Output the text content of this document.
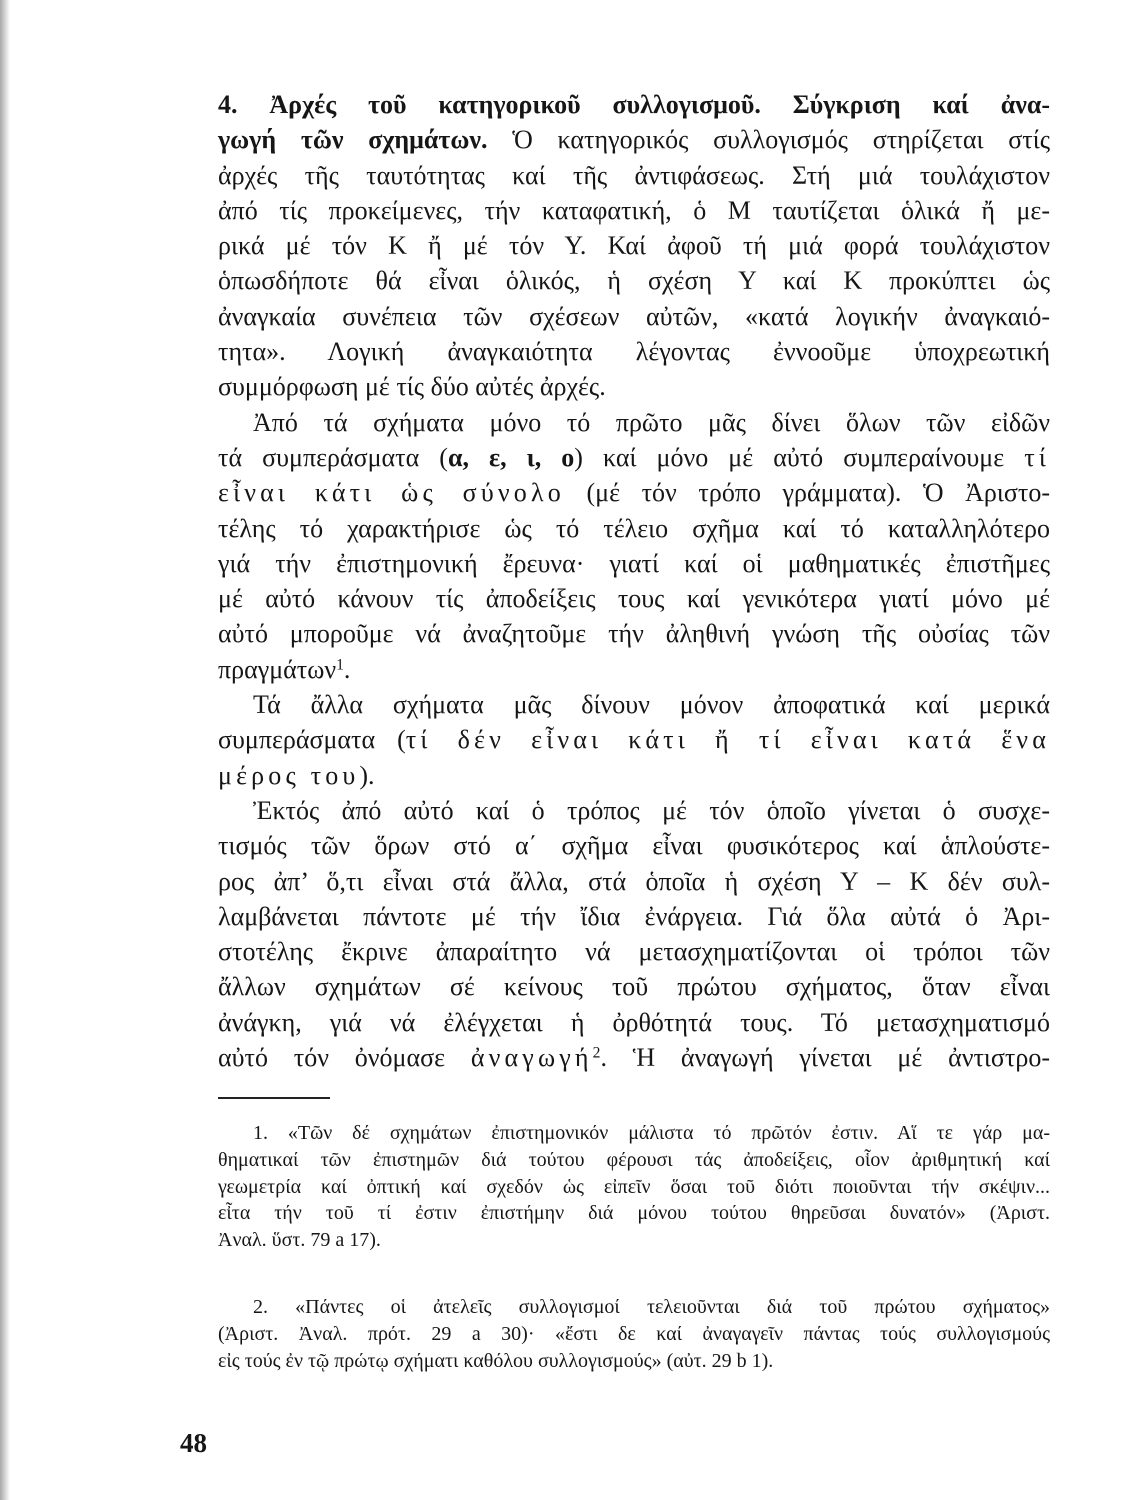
4. Ἀρχές τοῦ κατηγορικοῦ συλλογισμοῦ. Σύγκριση καί ἀνα-
γωγή τῶν σχημάτων. Ὁ κατηγορικός συλλογισμός στηρίζεται στίς
ἀρχές τῆς ταυτότητας καί τῆς ἀντιφάσεως. Στή μιά τουλάχιστον
ἀπό τίς προκείμενες, τήν καταφατική, ὁ Μ ταυτίζεται ὁλικά ἤ με-
ρικά μέ τόν Κ ἤ μέ τόν Υ. Καί ἀφοῦ τή μιά φορά τουλάχιστον
ὁπωσδήποτε θά εἶναι ὁλικός, ἡ σχέση Υ καί Κ προκύπτει ὡς
ἀναγκαία συνέπεια τῶν σχέσεων αὐτῶν, «κατά λογικήν ἀναγκαιό-
τητα». Λογική ἀναγκαιότητα λέγοντας ἐννοοῦμε ὑποχρεωτική
συμμόρφωση μέ τίς δύο αὐτές ἀρχές.
Ἀπό τά σχήματα μόνο τό πρῶτο μᾶς δίνει ὅλων τῶν εἰδῶν
τά συμπεράσματα (α, ε, ι, ο) καί μόνο μέ αὐτό συμπεραίνουμε τί
εἶναι κάτι ὡς σύνολο (μέ τόν τρόπο γράμματα). Ὁ Ἀριστο-
τέλης τό χαρακτήρισε ὡς τό τέλειο σχῆμα καί τό καταλληλότερο
γιά τήν ἐπιστημονική ἔρευνα· γιατί καί οἱ μαθηματικές ἐπιστῆμες
μέ αὐτό κάνουν τίς ἀποδείξεις τους καί γενικότερα γιατί μόνο μέ
αὐτό μποροῦμε νά ἀναζητοῦμε τήν ἀληθινή γνώση τῆς οὐσίας τῶν
πραγμάτων$^1$.
Τά ἄλλα σχήματα μᾶς δίνουν μόνον ἀποφατικά καί μερικά
συμπεράσματα (τί δέν εἶναι κάτι ἤ τί εἶναι κατά ἕνα
μέρος του).
Ἐκτός ἀπό αὐτό καί ὁ τρόπος μέ τόν ὁποῖο γίνεται ὁ συσχε-
τισμός τῶν ὅρων στό α΄ σχῆμα εἶναι φυσικότερος καί ἁπλούστε-
ρος ἀπ’ ὅ,τι εἶναι στά ἄλλα, στά ὁποῖα ἡ σχέση Υ – Κ δέν συλ-
λαμβάνεται πάντοτε μέ τήν ἴδια ἐνάργεια. Γιά ὅλα αὐτά ὁ Ἀρι-
στοτέλης ἔκρινε ἀπαραίτητο νά μετασχηματίζονται οἱ τρόποι τῶν
ἄλλων σχημάτων σέ κείνους τοῦ πρώτου σχήματος, ὅταν εἶναι
ἀνάγκη, γιά νά ἐλέγχεται ἡ ὀρθότητά τους. Τό μετασχηματισμό
αὐτό τόν ὀνόμασε ἀναγωγή$^2$. Ἡ ἀναγωγή γίνεται μέ ἀντιστρο-
1. «Τῶν δέ σχημάτων ἐπιστημονικόν μάλιστα τό πρῶτόν ἐστιν. Αἵ τε γάρ μα-
θηματικαί τῶν ἐπιστημῶν διά τούτου φέρουσι τάς ἀποδείξεις, οἷον ἀριθμητική καί
γεωμετρία καί ὀπτική καί σχεδόν ὡς εἰπεῖν ὅσαι τοῦ διότι ποιοῦνται τήν σκέψιν...
εἶτα τήν τοῦ τί ἐστιν ἐπιστήμην διά μόνου τούτου θηρεῦσαι δυνατόν» (Ἀριστ.
Ἀναλ. ὕστ. 79 a 17).
2. «Πάντες οἱ ἀτελεῖς συλλογισμοί τελειοῦνται διά τοῦ πρώτου σχήματος»
(Ἀριστ. Ἀναλ. πρότ. 29 a 30)· «ἔστι δε καί ἀναγαγεῖν πάντας τούς συλλογισμούς
εἰς τούς ἐν τῷ πρώτῳ σχήματι καθόλου συλλογισμούς» (αὐτ. 29 b 1).
48
